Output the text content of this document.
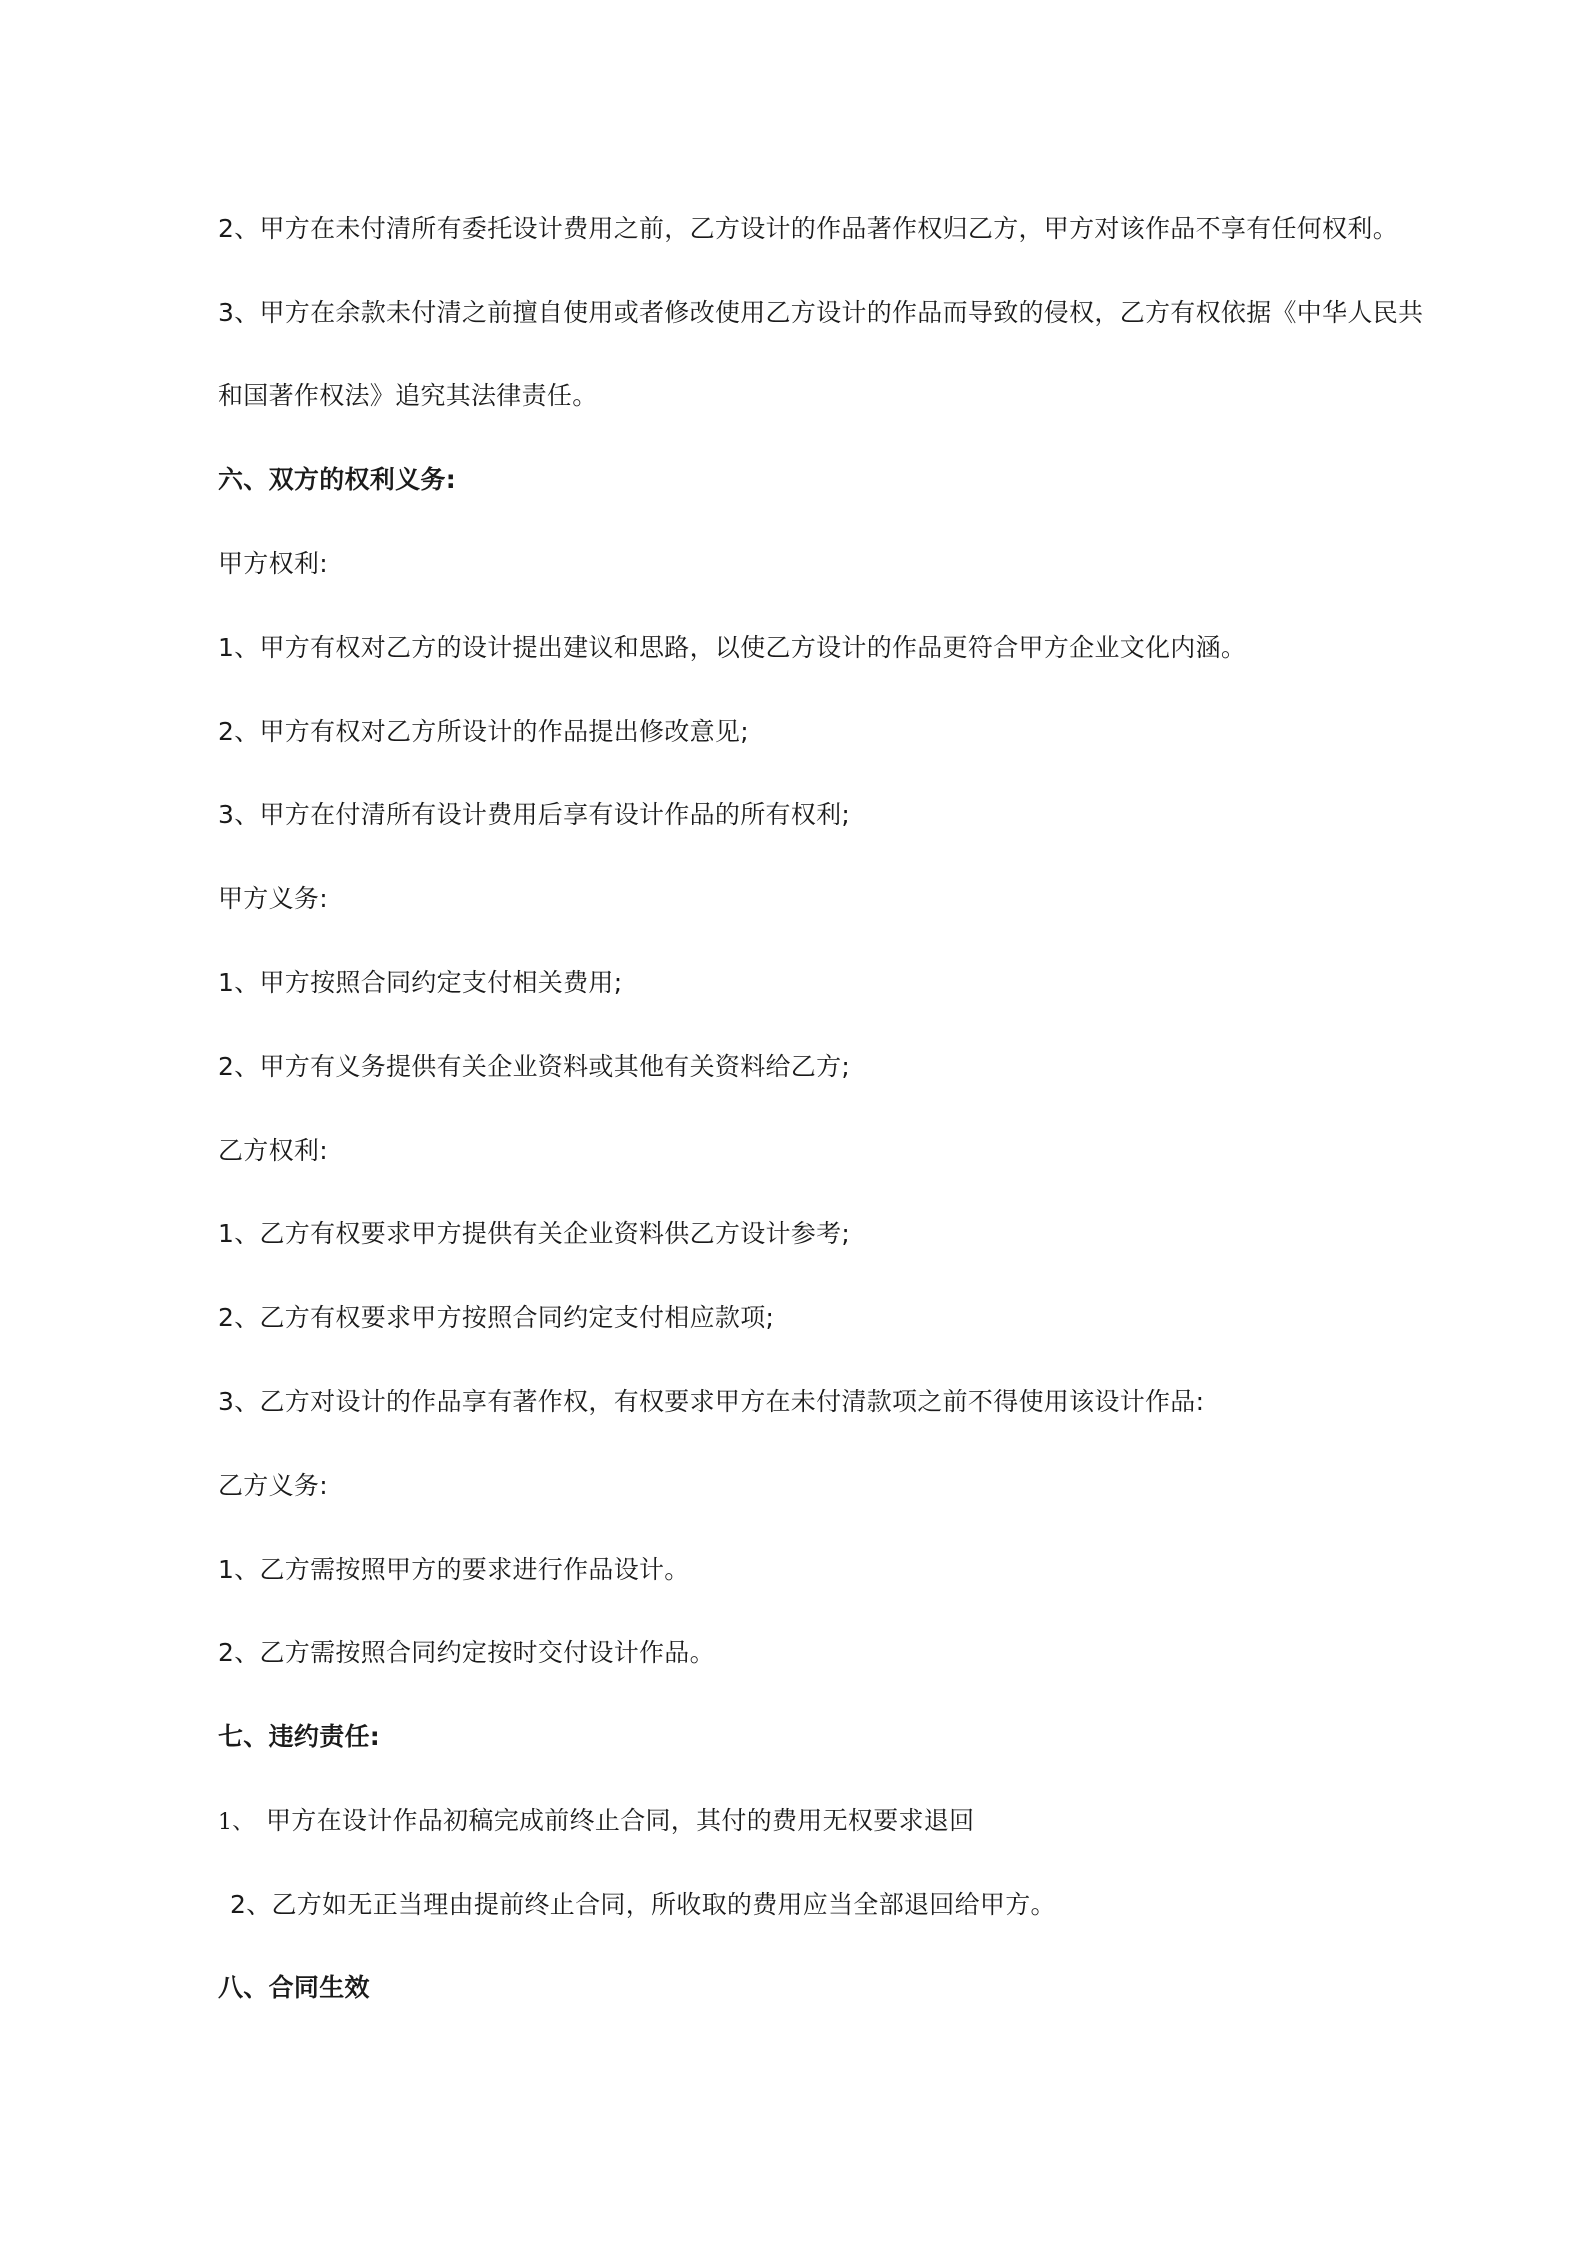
2、甲方在未付清所有委托设计费用之前，乙方设计的作品著作权归乙方，甲方对该作品不享有任何权利。
3、甲方在余款未付清之前擅自使用或者修改使用乙方设计的作品而导致的侵权，乙方有权依据《中华人民共
和国著作权法》追究其法律责任。
六、双方的权利义务:
甲方权利:
1、甲方有权对乙方的设计提出建议和思路，以使乙方设计的作品更符合甲方企业文化内涵。
2、甲方有权对乙方所设计的作品提出修改意见;
3、甲方在付清所有设计费用后享有设计作品的所有权利;
甲方义务:
1、甲方按照合同约定支付相关费用;
2、甲方有义务提供有关企业资料或其他有关资料给乙方;
乙方权利:
1、乙方有权要求甲方提供有关企业资料供乙方设计参考;
2、乙方有权要求甲方按照合同约定支付相应款项;
3、乙方对设计的作品享有著作权，有权要求甲方在未付清款项之前不得使用该设计作品:
乙方义务:
1、乙方需按照甲方的要求进行作品设计。
2、乙方需按照合同约定按时交付设计作品。
七、违约责任:
1、 甲方在设计作品初稿完成前终止合同，其付的费用无权要求退回
2、乙方如无正当理由提前终止合同，所收取的费用应当全部退回给甲方。
八、合同生效
